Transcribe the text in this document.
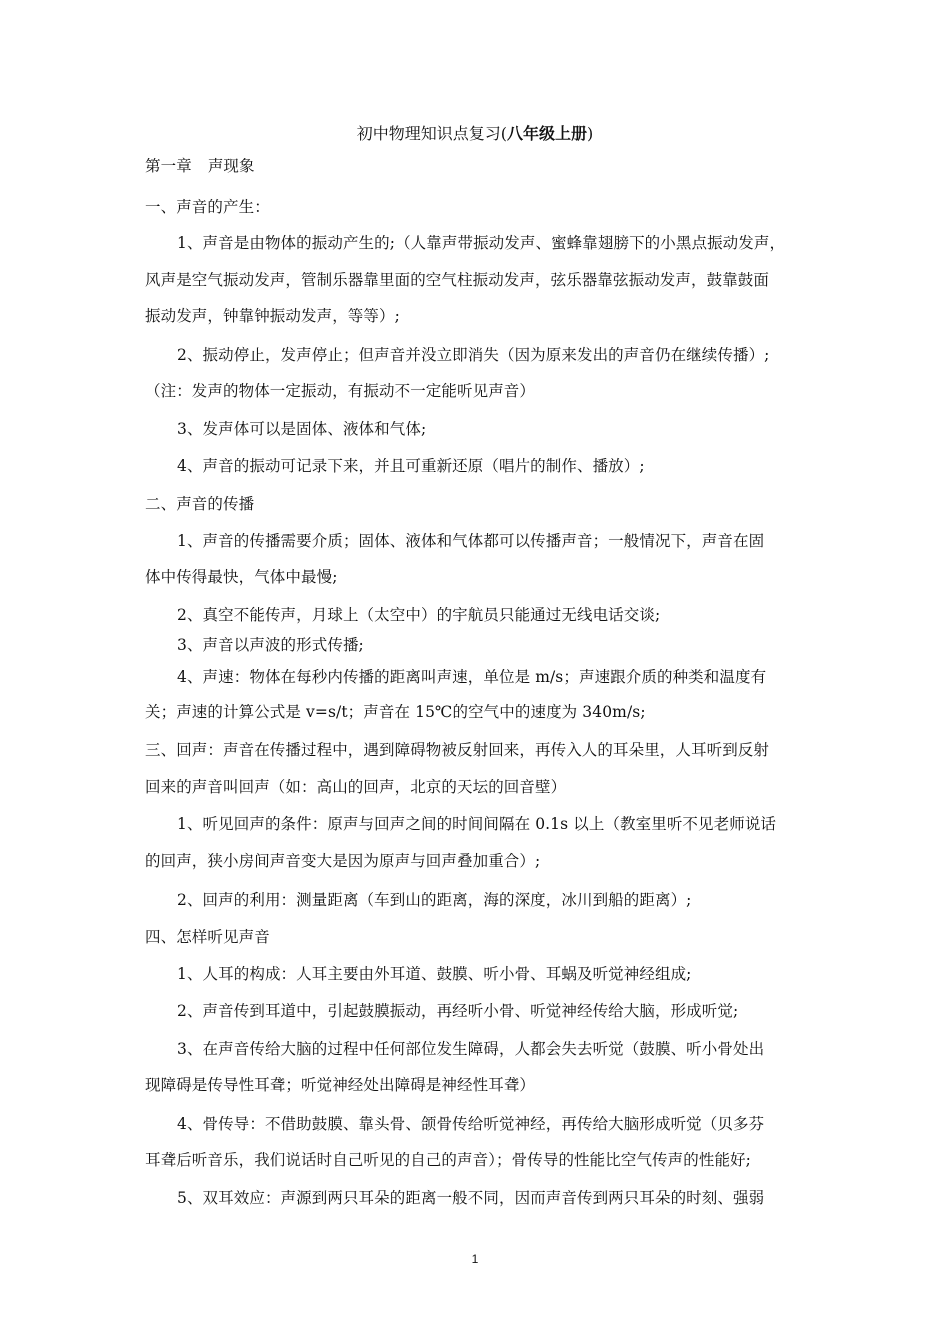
初中物理知识点复习(八年级上册)
第一章 声现象
一、声音的产生：
1、声音是由物体的振动产生的;（人靠声带振动发声、蜜蜂靠翅膀下的小黑点振动发声，
风声是空气振动发声，管制乐器靠里面的空气柱振动发声，弦乐器靠弦振动发声，鼓靠鼓面
振动发声，钟靠钟振动发声，等等）;
2、振动停止，发声停止；但声音并没立即消失（因为原来发出的声音仍在继续传播）;
（注：发声的物体一定振动，有振动不一定能听见声音）
3、发声体可以是固体、液体和气体;
4、声音的振动可记录下来，并且可重新还原（唱片的制作、播放）;
二、声音的传播
1、声音的传播需要介质；固体、液体和气体都可以传播声音；一般情况下，声音在固
体中传得最快，气体中最慢;
2、真空不能传声，月球上（太空中）的宇航员只能通过无线电话交谈;
3、声音以声波的形式传播;
4、声速：物体在每秒内传播的距离叫声速，单位是 m/s；声速跟介质的种类和温度有
关；声速的计算公式是 v=s/t；声音在 15℃的空气中的速度为 340m/s;
三、回声：声音在传播过程中，遇到障碍物被反射回来，再传入人的耳朵里，人耳听到反射
回来的声音叫回声（如：高山的回声，北京的天坛的回音壁）
1、听见回声的条件：原声与回声之间的时间间隔在 0.1s 以上（教室里听不见老师说话
的回声，狭小房间声音变大是因为原声与回声叠加重合）;
2、回声的利用：测量距离（车到山的距离，海的深度，冰川到船的距离）;
四、怎样听见声音
1、人耳的构成：人耳主要由外耳道、鼓膜、听小骨、耳蜗及听觉神经组成;
2、声音传到耳道中，引起鼓膜振动，再经听小骨、听觉神经传给大脑，形成听觉;
3、在声音传给大脑的过程中任何部位发生障碍，人都会失去听觉（鼓膜、听小骨处出
现障碍是传导性耳聋；听觉神经处出障碍是神经性耳聋）
4、骨传导：不借助鼓膜、靠头骨、颌骨传给听觉神经，再传给大脑形成听觉（贝多芬
耳聋后听音乐，我们说话时自己听见的自己的声音）；骨传导的性能比空气传声的性能好;
5、双耳效应：声源到两只耳朵的距离一般不同，因而声音传到两只耳朵的时刻、强弱
1
